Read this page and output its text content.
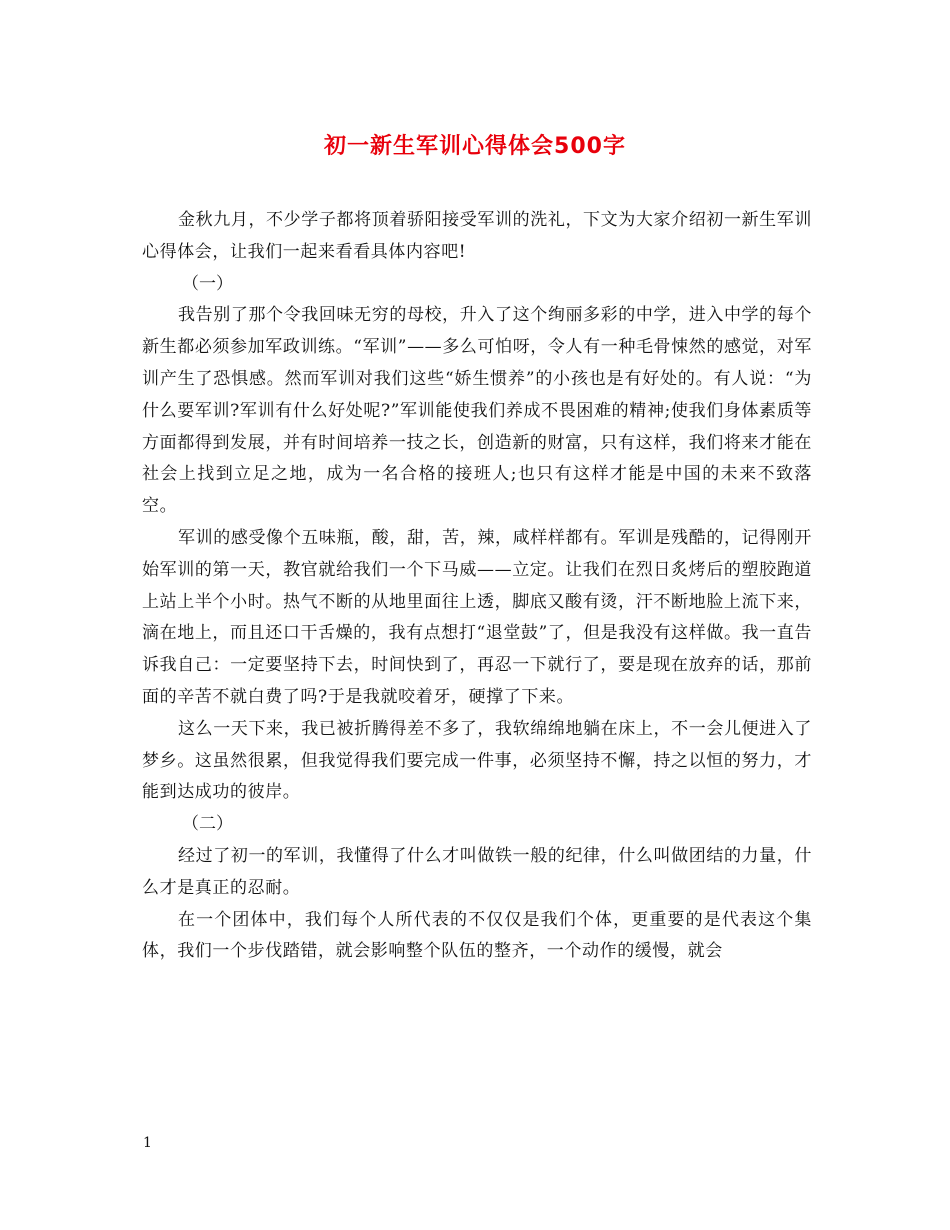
初一新生军训心得体会500字

金秋九月，不少学子都将顶着骄阳接受军训的洗礼，下文为大家介绍初一新生军训心得体会，让我们一起来看看具体内容吧!

（一）

我告别了那个令我回味无穷的母校，升入了这个绚丽多彩的中学，进入中学的每个新生都必须参加军政训练。“军训”——多么可怕呀，令人有一种毛骨悚然的感觉，对军训产生了恐惧感。然而军训对我们这些“娇生惯养”的小孩也是有好处的。有人说：“为什么要军训?军训有什么好处呢?”军训能使我们养成不畏困难的精神;使我们身体素质等方面都得到发展，并有时间培养一技之长，创造新的财富，只有这样，我们将来才能在社会上找到立足之地，成为一名合格的接班人;也只有这样才能是中国的未来不致落空。

军训的感受像个五味瓶，酸，甜，苦，辣，咸样样都有。军训是残酷的，记得刚开始军训的第一天，教官就给我们一个下马威——立定。让我们在烈日炙烤后的塑胶跑道上站上半个小时。热气不断的从地里面往上透，脚底又酸有烫，汗不断地脸上流下来，滴在地上，而且还口干舌燥的，我有点想打“退堂鼓”了，但是我没有这样做。我一直告诉我自己：一定要坚持下去，时间快到了，再忍一下就行了，要是现在放弃的话，那前面的辛苦不就白费了吗?于是我就咬着牙，硬撑了下来。

这么一天下来，我已被折腾得差不多了，我软绵绵地躺在床上，不一会儿便进入了梦乡。这虽然很累，但我觉得我们要完成一件事，必须坚持不懈，持之以恒的努力，才能到达成功的彼岸。

（二）

经过了初一的军训，我懂得了什么才叫做铁一般的纪律，什么叫做团结的力量，什么才是真正的忍耐。

在一个团体中，我们每个人所代表的不仅仅是我们个体，更重要的是代表这个集体，我们一个步伐踏错，就会影响整个队伍的整齐，一个动作的缓慢，就会

1
